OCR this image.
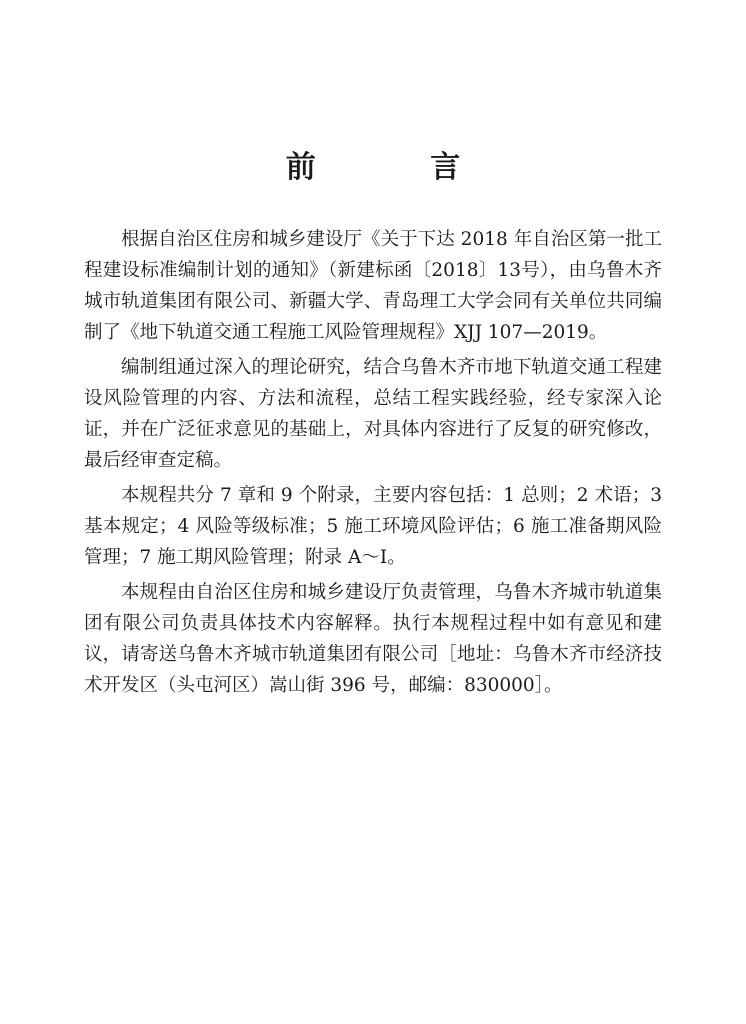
前 言

根据自治区住房和城乡建设厅《关于下达 2018 年自治区第一批工程建设标准编制计划的通知》（新建标函〔2018〕13号），由乌鲁木齐城市轨道集团有限公司、新疆大学、青岛理工大学会同有关单位共同编制了《地下轨道交通工程施工风险管理规程》XJJ 107—2019。

编制组通过深入的理论研究，结合乌鲁木齐市地下轨道交通工程建设风险管理的内容、方法和流程，总结工程实践经验，经专家深入论证，并在广泛征求意见的基础上，对具体内容进行了反复的研究修改，最后经审查定稿。

本规程共分 7 章和 9 个附录，主要内容包括：1 总则；2 术语；3 基本规定；4 风险等级标准；5 施工环境风险评估；6 施工准备期风险管理；7 施工期风险管理；附录 A～I。

本规程由自治区住房和城乡建设厅负责管理，乌鲁木齐城市轨道集团有限公司负责具体技术内容解释。执行本规程过程中如有意见和建议，请寄送乌鲁木齐城市轨道集团有限公司［地址：乌鲁木齐市经济技术开发区（头屯河区）嵩山街 396 号，邮编：830000］。
